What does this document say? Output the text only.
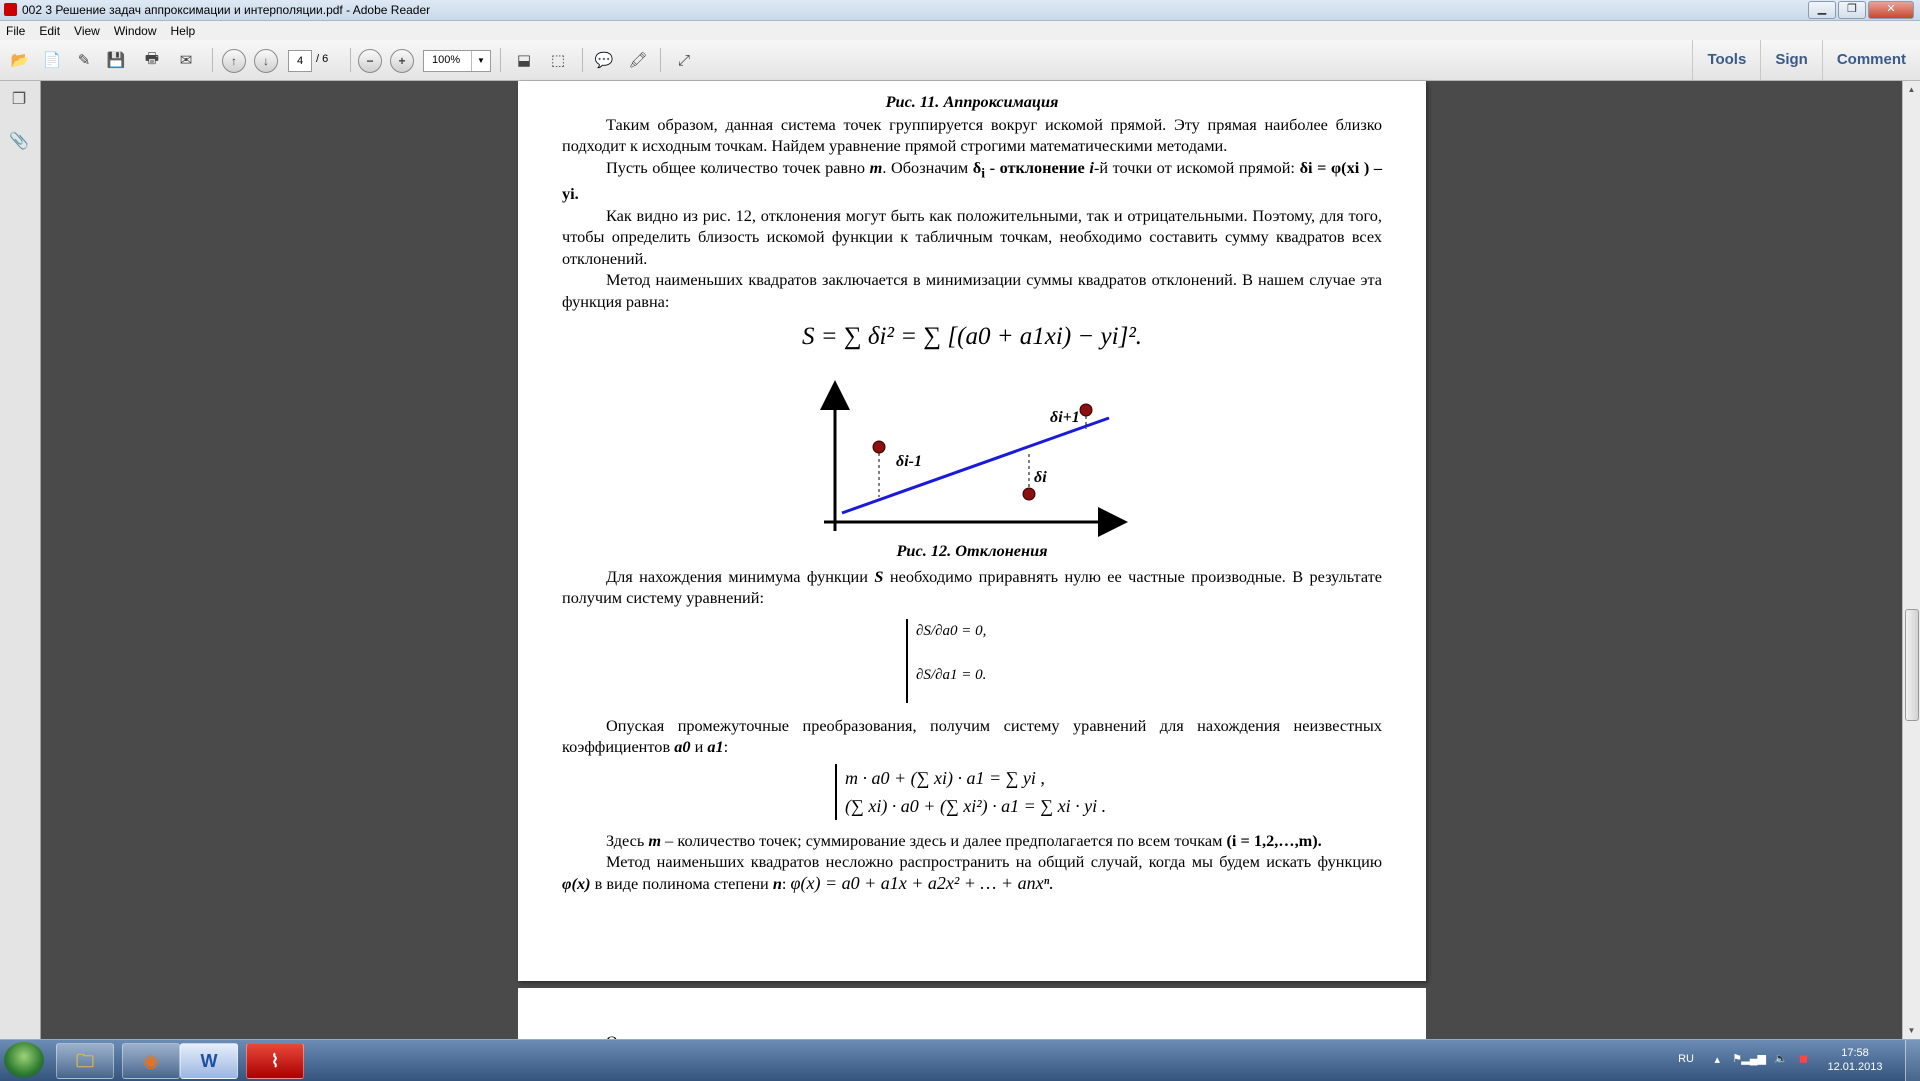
002 3 Решение задач аппроксимации и интерполяции.pdf - Adobe Reader	▁	❐	✕
File Edit View Window Help
📂 📄	✎	💾	🖶	✉	↑	↓	4	/ 6	−	+	100%	▼	⬓	⬚	💬 🖍	⤢	Tools	Sign	Comment
❐
📎
▲
▼
Рис. 11. Аппроксимация

Таким образом, данная система точек группируется вокруг искомой прямой. Эту прямая наиболее близко подходит к исходным точкам. Найдем уравнение прямой строгими математическими методами.

Пусть общее количество точек равно m. Обозначим $\delta_i$ - отклонение i-й точки от искомой прямой: δi = φ(xi ) – yi.

Как видно из рис. 12, отклонения могут быть как положительными, так и отрицательными. Поэтому, для того, чтобы определить близость искомой функции к табличным точкам, необходимо составить сумму квадратов всех отклонений.

Метод наименьших квадратов заключается в минимизации суммы квадратов отклонений. В нашем случае эта функция равна:

S = ∑ δi² = ∑ [(a0 + a1xi) − yi]².
δi-1
δi
δi+1
Рис. 12. Отклонения

Для нахождения минимума функции S необходимо приравнять нулю ее частные производные. В результате получим систему уравнений:

∂S/∂a0 = 0,
∂S/∂a1 = 0.

Опуская промежуточные преобразования, получим систему уравнений для нахождения неизвестных коэффициентов a0 и a1:

m · a0 + (∑ xi) · a1 = ∑ yi ,
(∑ xi) · a0 + (∑ xi²) · a1 = ∑ xi · yi .

Здесь m – количество точек; суммирование здесь и далее предполагается по всем точкам (i = 1,2,…,m).

Метод наименьших квадратов несложно распространить на общий случай, когда мы будем искать функцию φ(x) в виде полинома степени n: φ(x) = a0 + a1x + a2x² + … + anxⁿ.

🗀	◉	W	⌇	RU ▴ ⚑ ▂▄▆ 🔈 ◼	17:58
12.01.2013
